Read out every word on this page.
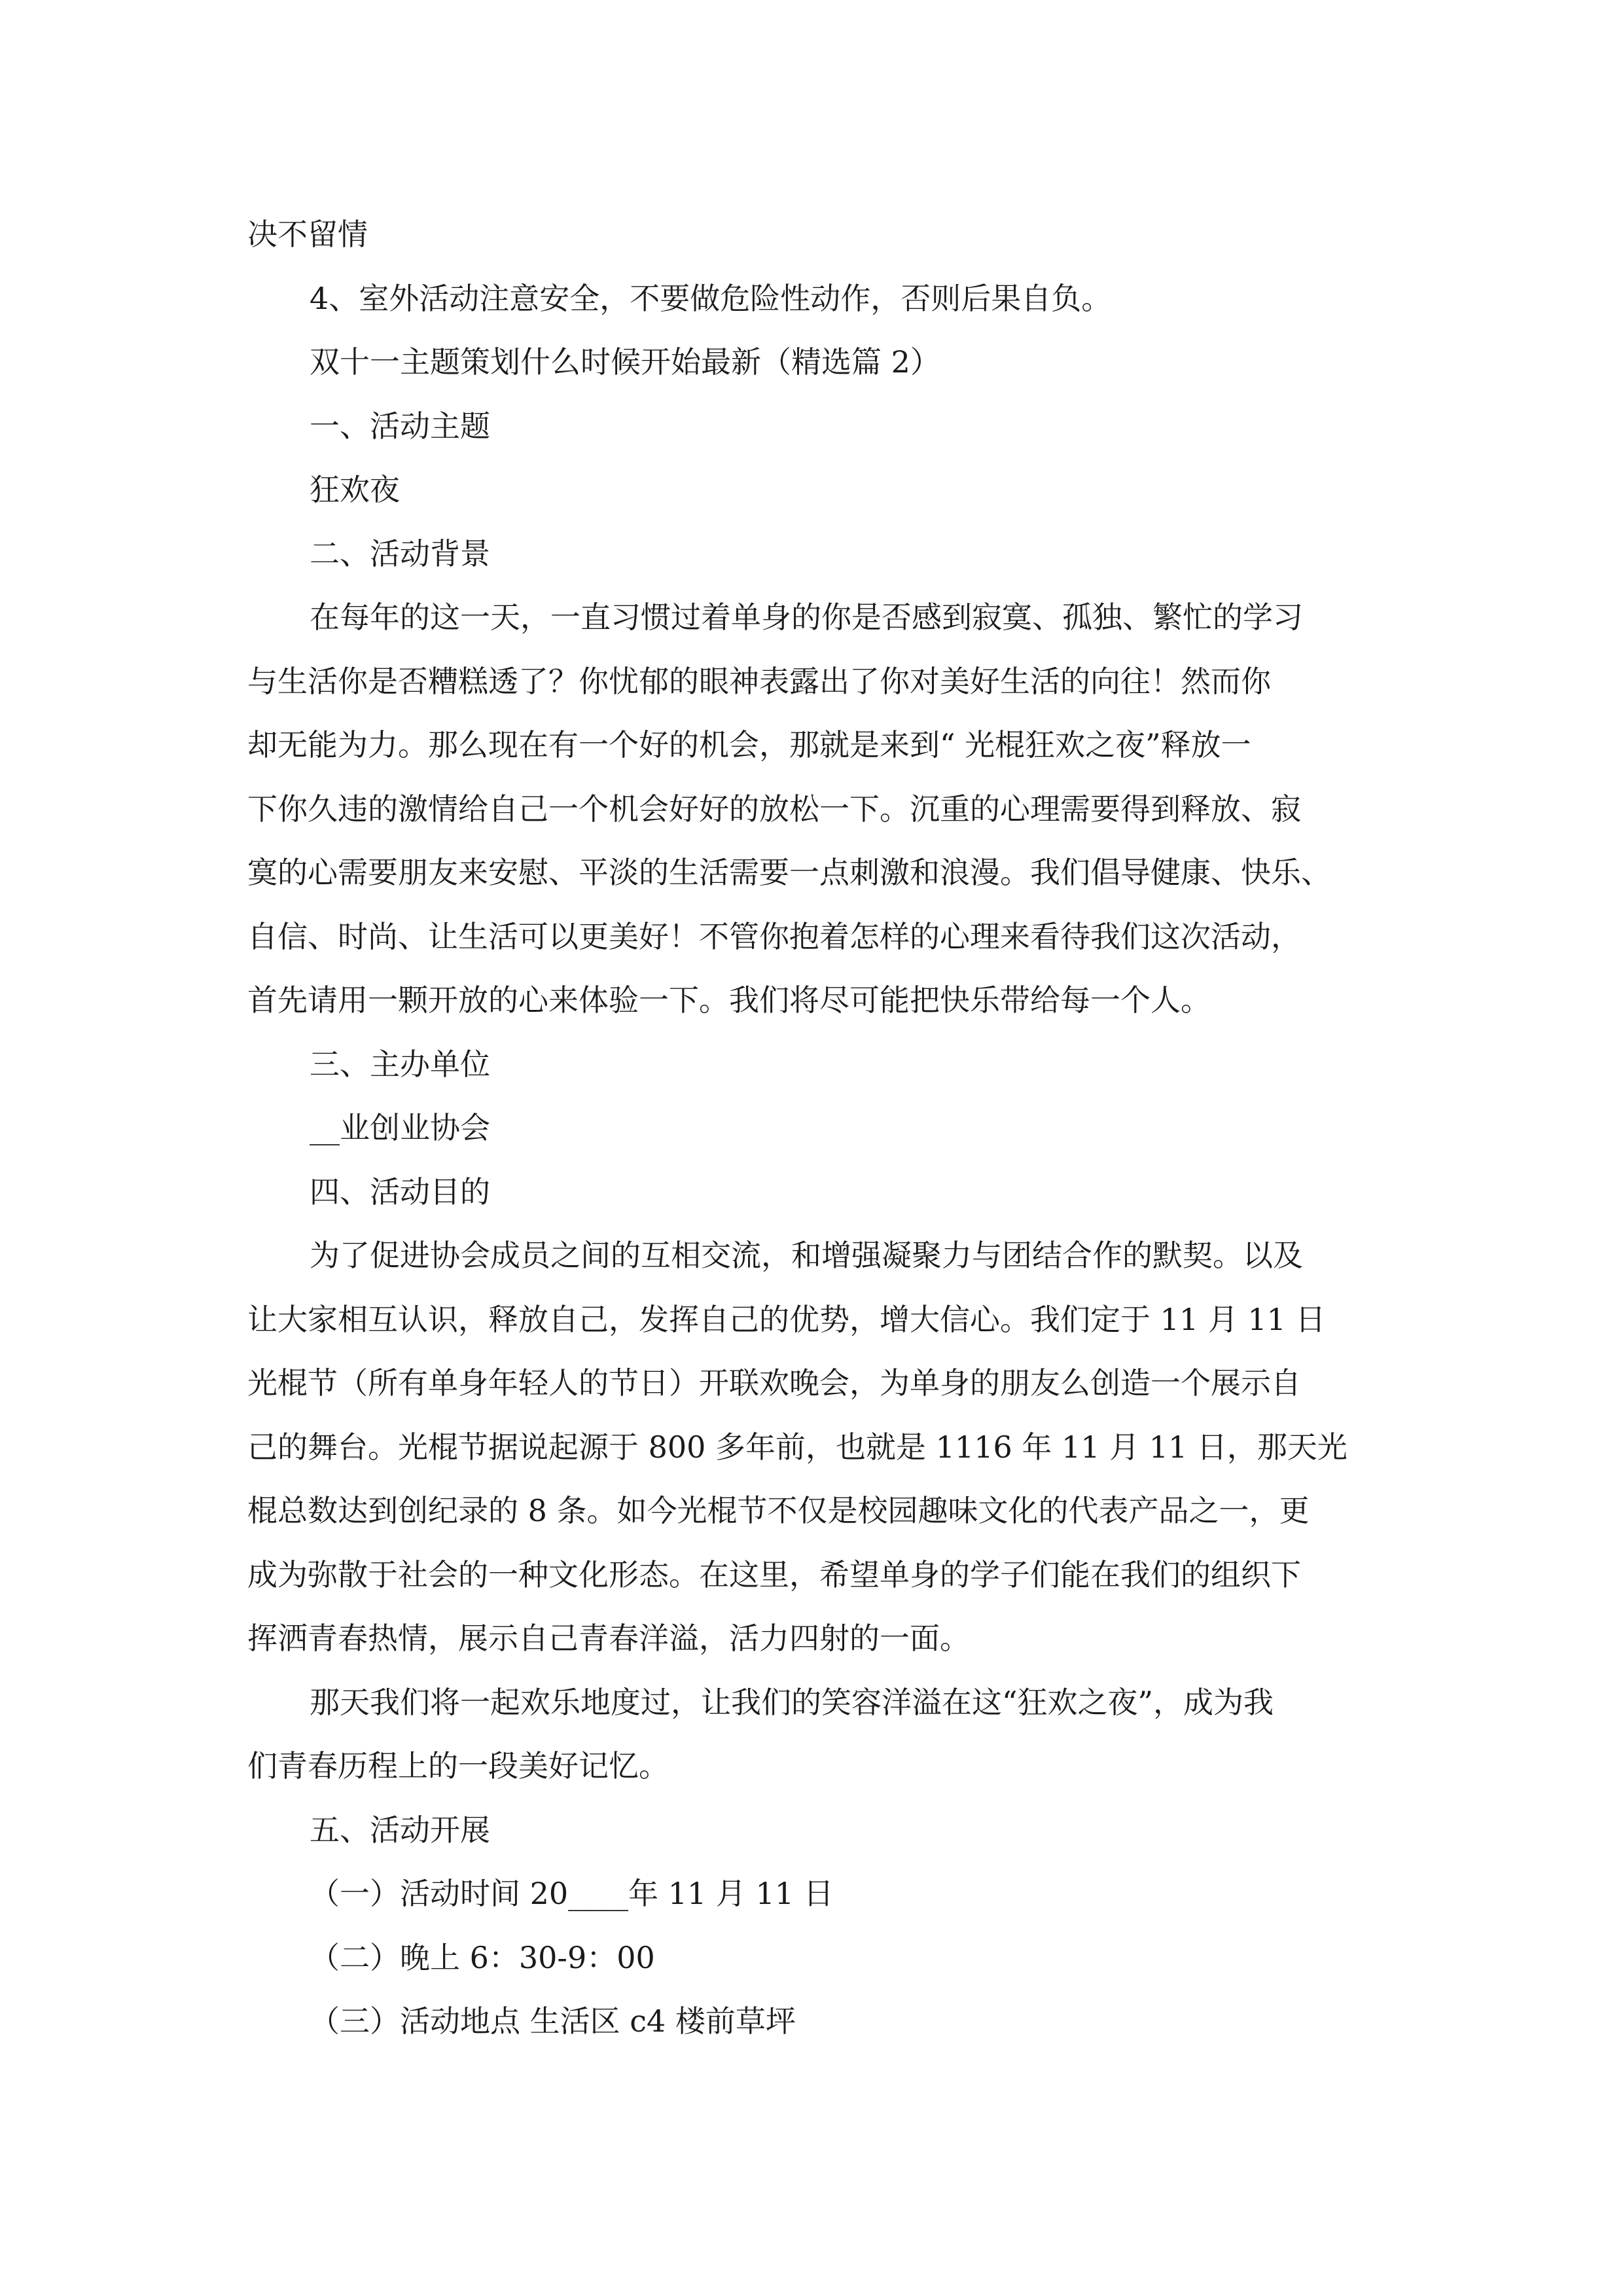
决不留情

4、室外活动注意安全，不要做危险性动作，否则后果自负。

双十一主题策划什么时候开始最新（精选篇 2）

一、活动主题

狂欢夜

二、活动背景

在每年的这一天，一直习惯过着单身的你是否感到寂寞、孤独、繁忙的学习

与生活你是否糟糕透了？你忧郁的眼神表露出了你对美好生活的向往！然而你

却无能为力。那么现在有一个好的机会，那就是来到“ 光棍狂欢之夜”释放一

下你久违的激情给自己一个机会好好的放松一下。沉重的心理需要得到释放、寂

寞的心需要朋友来安慰、平淡的生活需要一点刺激和浪漫。我们倡导健康、快乐、

自信、时尚、让生活可以更美好！不管你抱着怎样的心理来看待我们这次活动，

首先请用一颗开放的心来体验一下。我们将尽可能把快乐带给每一个人。

三、主办单位

__业创业协会

四、活动目的

为了促进协会成员之间的互相交流，和增强凝聚力与团结合作的默契。以及

让大家相互认识，释放自己，发挥自己的优势，增大信心。我们定于 11 月 11 日

光棍节（所有单身年轻人的节日）开联欢晚会，为单身的朋友么创造一个展示自

己的舞台。光棍节据说起源于 800 多年前，也就是 1116 年 11 月 11 日，那天光

棍总数达到创纪录的 8 条。如今光棍节不仅是校园趣味文化的代表产品之一，更

成为弥散于社会的一种文化形态。在这里，希望单身的学子们能在我们的组织下

挥洒青春热情，展示自己青春洋溢，活力四射的一面。

那天我们将一起欢乐地度过，让我们的笑容洋溢在这“狂欢之夜”，成为我

们青春历程上的一段美好记忆。

五、活动开展

（一）活动时间 20____年 11 月 11 日

（二）晚上 6：30-9：00

（三）活动地点 生活区 c4 楼前草坪
